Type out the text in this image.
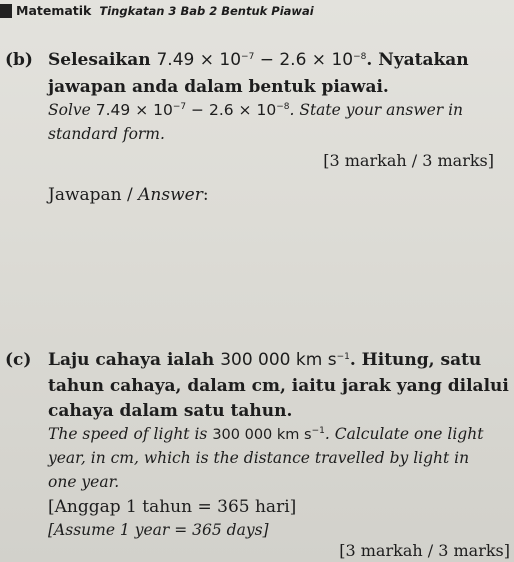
Matematik Tingkatan 3 Bab 2 Bentuk Piawai
(b) Selesaikan $7.49 \times 10^{-7} - 2.6 \times 10^{-8}$. Nyatakan
jawapan anda dalam bentuk piawai.
Solve $7.49 \times 10^{-7} - 2.6 \times 10^{-8}$. State your answer in
standard form.
[3 markah / 3 marks]
Jawapan / Answer:
(c) Laju cahaya ialah 300 000 km $s^{-1}$. Hitung, satu
tahun cahaya, dalam cm, iaitu jarak yang dilalui
cahaya dalam satu tahun.
The speed of light is 300 000 km $s^{-1}$. Calculate one light
year, in cm, which is the distance travelled by light in
one year.
[Anggap 1 tahun = 365 hari]
[Assume 1 year = 365 days]
[3 markah / 3 marks]
